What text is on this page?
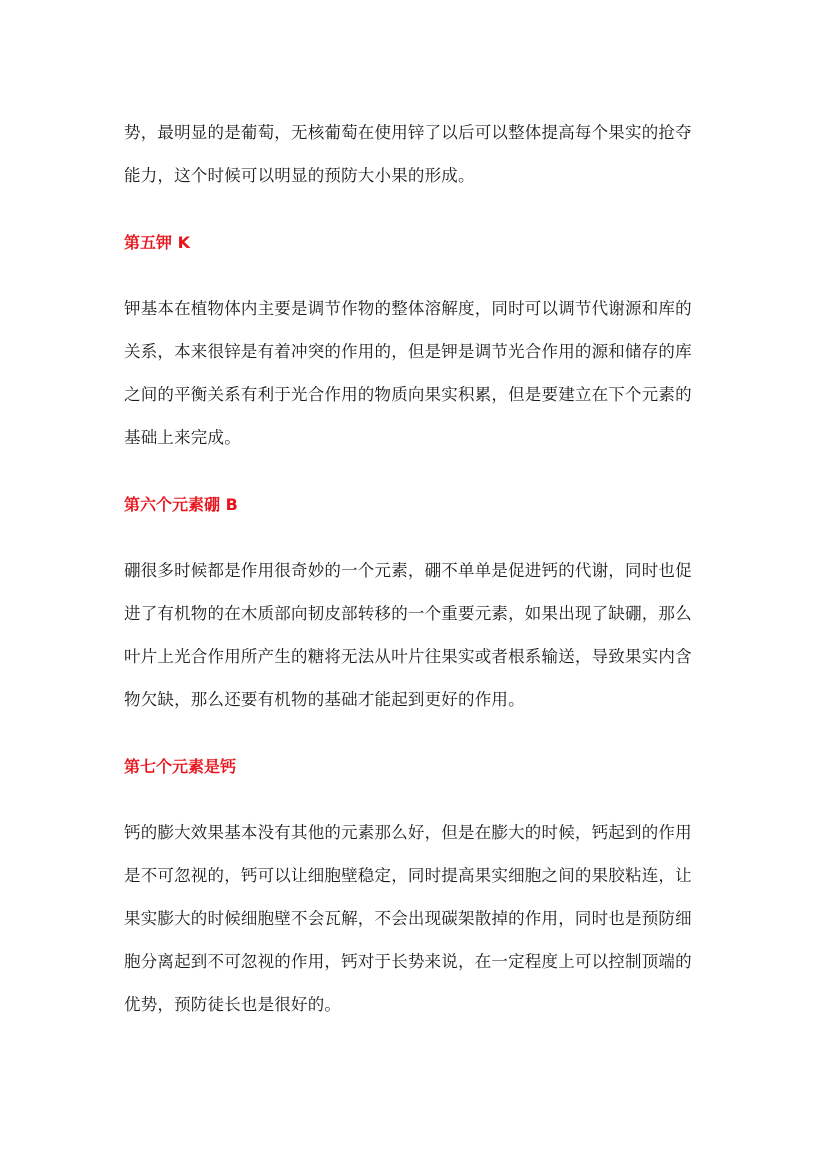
势，最明显的是葡萄，无核葡萄在使用锌了以后可以整体提高每个果实的抢夺

能力，这个时候可以明显的预防大小果的形成。

第五钾 K

钾基本在植物体内主要是调节作物的整体溶解度，同时可以调节代谢源和库的

关系，本来很锌是有着冲突的作用的，但是钾是调节光合作用的源和储存的库

之间的平衡关系有利于光合作用的物质向果实积累，但是要建立在下个元素的

基础上来完成。

第六个元素硼 B

硼很多时候都是作用很奇妙的一个元素，硼不单单是促进钙的代谢，同时也促

进了有机物的在木质部向韧皮部转移的一个重要元素，如果出现了缺硼，那么

叶片上光合作用所产生的糖将无法从叶片往果实或者根系输送，导致果实内含

物欠缺，那么还要有机物的基础才能起到更好的作用。

第七个元素是钙

钙的膨大效果基本没有其他的元素那么好，但是在膨大的时候，钙起到的作用

是不可忽视的，钙可以让细胞壁稳定，同时提高果实细胞之间的果胶粘连，让

果实膨大的时候细胞壁不会瓦解，不会出现碳架散掉的作用，同时也是预防细

胞分离起到不可忽视的作用，钙对于长势来说，在一定程度上可以控制顶端的

优势，预防徒长也是很好的。
